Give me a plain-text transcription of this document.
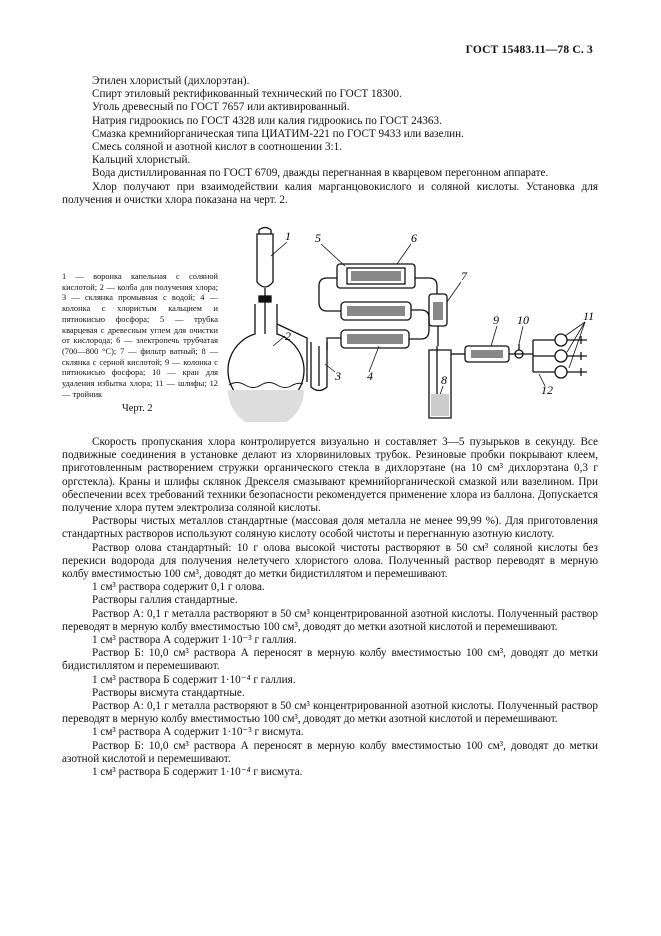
ГОСТ 15483.11—78 С. 3

Этилен хлористый (дихлорэтан).

Спирт этиловый ректификованный технический по ГОСТ 18300.

Уголь древесный по ГОСТ 7657 или активированный.

Натрия гидроокись по ГОСТ 4328 или калия гидроокись по ГОСТ 24363.

Смазка кремнийорганическая типа ЦИАТИМ-221 по ГОСТ 9433 или вазелин.

Смесь соляной и азотной кислот в соотношении 3:1.

Кальций хлористый.

Вода дистиллированная по ГОСТ 6709, дважды перегнанная в кварцевом перегонном аппарате.

Хлор получают при взаимодействии калия марганцовокислого и соляной кислоты. Установка для получения и очистки хлора показана на черт. 2.

1 — воронка капельная с соляной кислотой; 2 — колба для получения хлора; 3 — склянка промывная с водой; 4 — колонка с хлористым кальцием и пятиокисью фосфора; 5 — трубка кварцевая с древесным углем для очистки от кислорода; 6 — электропечь трубчатая (700—800 °С); 7 — фильтр ватный; 8 — склянка с серной кислотой; 9 — колонка с пятиокисью фосфора; 10 — кран для удаления избытка хлора; 11 — шлифы; 12 — тройник
Черт. 2
1
2
3 4
5	6
7
8
9 10	11
12

Скорость пропускания хлора контролируется визуально и составляет 3—5 пузырьков в секунду. Все подвижные соединения в установке делают из хлорвиниловых трубок. Резиновые пробки покрывают клеем, приготовленным растворением стружки органического стекла в дихлорэтане (на 10 см³ дихлорэтана 0,3 г оргстекла). Краны и шлифы склянок Дрекселя смазывают кремнийорганической смазкой или вазелином. При обеспечении всех требований техники безопасности рекомендуется применение хлора из баллона. Допускается получение хлора путем электролиза соляной кислоты.

Растворы чистых металлов стандартные (массовая доля металла не менее 99,99 %). Для приготовления стандартных растворов используют соляную кислоту особой чистоты и перегнанную азотную кислоту.

Раствор олова стандартный: 10 г олова высокой чистоты растворяют в 50 см³ соляной кислоты без перекиси водорода для получения нелетучего хлористого олова. Полученный раствор переводят в мерную колбу вместимостью 100 см³, доводят до метки бидистиллятом и перемешивают.

1 см³ раствора содержит 0,1 г олова.

Растворы галлия стандартные.

Раствор А: 0,1 г металла растворяют в 50 см³ концентрированной азотной кислоты. Полученный раствор переводят в мерную колбу вместимостью 100 см³, доводят до метки азотной кислотой и перемешивают.

1 см³ раствора А содержит 1·10⁻³ г галлия.

Раствор Б: 10,0 см³ раствора А переносят в мерную колбу вместимостью 100 см³, доводят до метки бидистиллятом и перемешивают.

1 см³ раствора Б содержит 1·10⁻⁴ г галлия.

Растворы висмута стандартные.

Раствор А: 0,1 г металла растворяют в 50 см³ концентрированной азотной кислоты. Полученный раствор переводят в мерную колбу вместимостью 100 см³, доводят до метки азотной кислотой и перемешивают.

1 см³ раствора А содержит 1·10⁻³ г висмута.

Раствор Б: 10,0 см³ раствора А переносят в мерную колбу вместимостью 100 см³, доводят до метки азотной кислотой и перемешивают.

1 см³ раствора Б содержит 1·10⁻⁴ г висмута.
